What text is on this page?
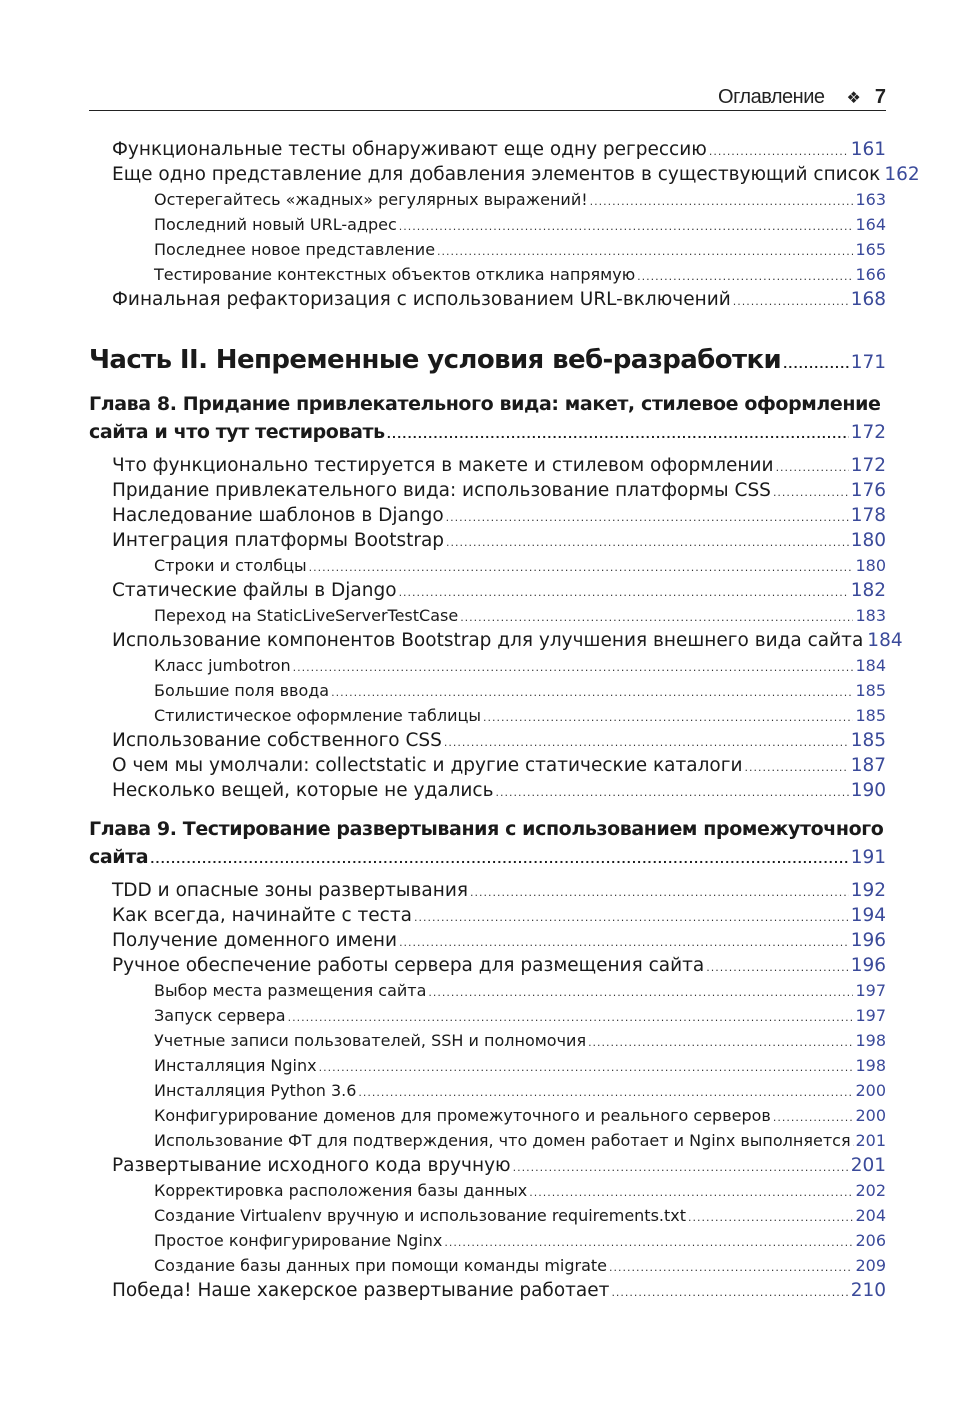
Оглавление ❖ 7
Функциональные тесты обнаруживают еще одну регрессию .....	161
Еще одно представление для добавления элементов в существующий список 162
Остерегайтесь «жадных» регулярных выражений! .....	163
Последний новый URL-адрес .....	164
Последнее новое представление .....	165
Тестирование контекстных объектов отклика напрямую .....	166
Финальная рефакторизация с использованием URL-включений .....	168
Часть II. Непременные условия веб-разработки .....	171
Глава 8. Придание привлекательного вида: макет, стилевое оформление
сайта и что тут тестировать .....	172
Что функционально тестируется в макете и стилевом оформлении .....	172
Придание привлекательного вида: использование платформы CSS .....	176
Наследование шаблонов в Django .....	178
Интеграция платформы Bootstrap .....	180
Строки и столбцы .....	180
Статические файлы в Django .....	182
Переход на StaticLiveServerTestCase .....	183
Использование компонентов Bootstrap для улучшения внешнего вида сайта 184
Класс jumbotron .....	184
Большие поля ввода .....	185
Стилистическое оформление таблицы .....	185
Использование собственного CSS .....	185
О чем мы умолчали: collectstatic и другие статические каталоги .....	187
Несколько вещей, которые не удались .....	190
Глава 9. Тестирование развертывания с использованием промежуточного
сайта .....	191
TDD и опасные зоны развертывания .....	192
Как всегда, начинайте с теста .....	194
Получение доменного имени .....	196
Ручное обеспечение работы сервера для размещения сайта .....	196
Выбор места размещения сайта .....	197
Запуск сервера .....	197
Учетные записи пользователей, SSH и полномочия .....	198
Инсталляция Nginx .....	198
Инсталляция Python 3.6 .....	200
Конфигурирование доменов для промежуточного и реального серверов .....	200
Использование ФТ для подтверждения, что домен работает и Nginx выполняется ..... 201
Развертывание исходного кода вручную .....	201
Корректировка расположения базы данных .....	202
Создание Virtualenv вручную и использование requirements.txt .....	204
Простое конфигурирование Nginx .....	206
Создание базы данных при помощи команды migrate .....	209
Победа! Наше хакерское развертывание работает .....	210
